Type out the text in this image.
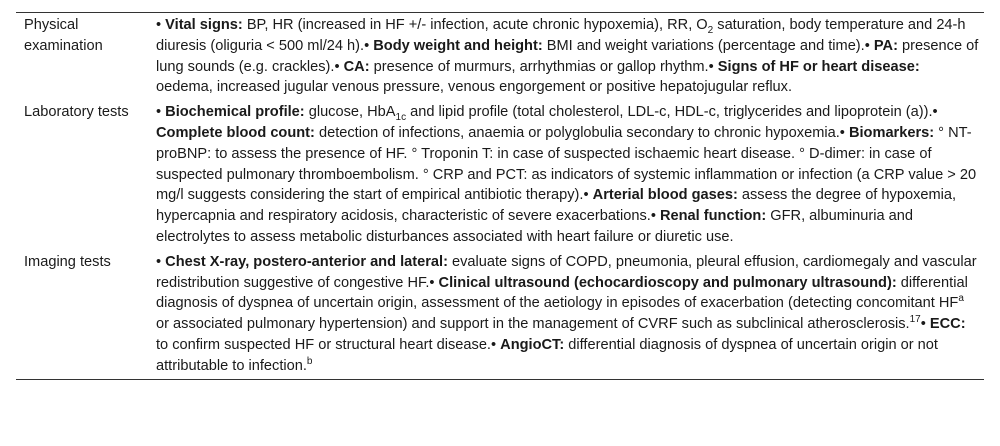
Physical examination	• Vital signs: BP, HR (increased in HF +/- infection, acute chronic hypoxemia), RR, $O_2$ saturation, body temperature and 24-h diuresis (oliguria < 500 ml/24 h).• Body weight and height: BMI and weight variations (percentage and time).• PA: presence of lung sounds (e.g. crackles).• CA: presence of murmurs, arrhythmias or gallop rhythm.• Signs of HF or heart disease: oedema, increased jugular venous pressure, venous engorgement or positive hepatojugular reflux.
Laboratory tests	• Biochemical profile: glucose, HbA$_{1c}$ and lipid profile (total cholesterol, LDL-c, HDL-c, triglycerides and lipoprotein (a)).• Complete blood count: detection of infections, anaemia or polyglobulia secondary to chronic hypoxemia.• Biomarkers: ° NT-proBNP: to assess the presence of HF. ° Troponin T: in case of suspected ischaemic heart disease. ° D-dimer: in case of suspected pulmonary thromboembolism. ° CRP and PCT: as indicators of systemic inflammation or infection (a CRP value > 20 mg/l suggests considering the start of empirical antibiotic therapy).• Arterial blood gases: assess the degree of hypoxemia, hypercapnia and respiratory acidosis, characteristic of severe exacerbations.• Renal function: GFR, albuminuria and electrolytes to assess metabolic disturbances associated with heart failure or diuretic use.
Imaging tests	• Chest X-ray, postero-anterior and lateral: evaluate signs of COPD, pneumonia, pleural effusion, cardiomegaly and vascular redistribution suggestive of congestive HF.• Clinical ultrasound (echocardioscopy and pulmonary ultrasound): differential diagnosis of dyspnea of uncertain origin, assessment of the aetiology in episodes of exacerbation (detecting concomitant $HF^a$ or associated pulmonary hypertension) and support in the management of CVRF such as subclinical atherosclerosis.$^{17}$• ECC: to confirm suspected HF or structural heart disease.• AngioCT: differential diagnosis of dyspnea of uncertain origin or not attributable to infection.$^b$
